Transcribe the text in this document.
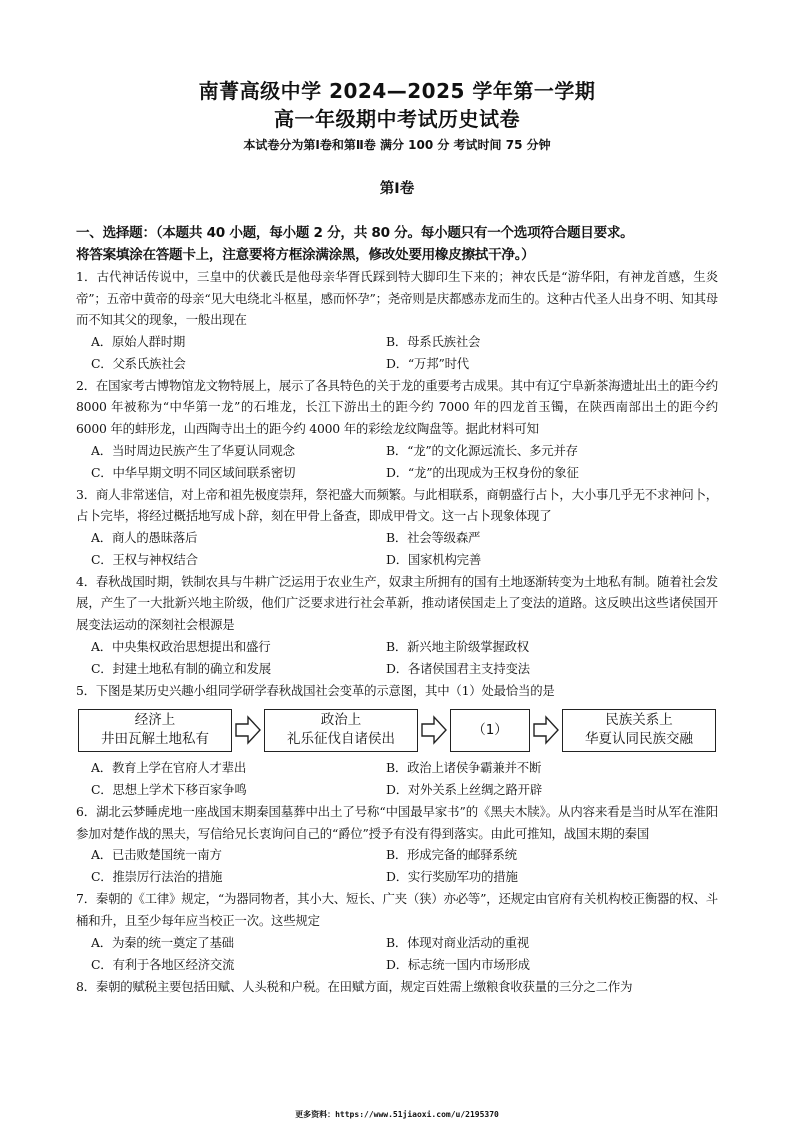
南菁高级中学 2024—2025 学年第一学期
高一年级期中考试历史试卷
本试卷分为第Ⅰ卷和第Ⅱ卷 满分 100 分 考试时间 75 分钟
第Ⅰ卷
一、选择题：（本题共 40 小题，每小题 2 分，共 80 分。每小题只有一个选项符合题目要求。
将答案填涂在答题卡上，注意要将方框涂满涂黑，修改处要用橡皮擦拭干净。）
1．古代神话传说中，三皇中的伏羲氏是他母亲华胥氏踩到特大脚印生下来的；神农氏是“游华阳，有神龙首感，生炎帝”；五帝中黄帝的母亲“见大电绕北斗枢星，感而怀孕”；尧帝则是庆都感赤龙而生的。这种古代圣人出身不明、知其母而不知其父的现象，一般出现在
A．原始人群时期	B．母系氏族社会
C．父系氏族社会	D．“万邦”时代
2．在国家考古博物馆龙文物特展上，展示了各具特色的关于龙的重要考古成果。其中有辽宁阜新茶海遗址出土的距今约 8000 年被称为“中华第一龙”的石堆龙，长江下游出土的距今约 7000 年的四龙首玉镯，在陕西南部出土的距今约 6000 年的蚌形龙，山西陶寺出土的距今约 4000 年的彩绘龙纹陶盘等。据此材料可知
A．当时周边民族产生了华夏认同观念	B．“龙”的文化源远流长、多元并存
C．中华早期文明不同区域间联系密切	D．“龙”的出现成为王权身份的象征
3．商人非常迷信，对上帝和祖先极度崇拜，祭祀盛大而频繁。与此相联系，商朝盛行占卜，大小事几乎无不求神问卜，占卜完毕，将经过概括地写成卜辞，刻在甲骨上备查，即成甲骨文。这一占卜现象体现了
A．商人的愚昧落后	B．社会等级森严
C．王权与神权结合	D．国家机构完善
4．春秋战国时期，铁制农具与牛耕广泛运用于农业生产，奴隶主所拥有的国有土地逐渐转变为土地私有制。随着社会发展，产生了一大批新兴地主阶级，他们广泛要求进行社会革新，推动诸侯国走上了变法的道路。这反映出这些诸侯国开展变法运动的深刻社会根源是
A．中央集权政治思想提出和盛行	B．新兴地主阶级掌握政权
C．封建土地私有制的确立和发展	D．各诸侯国君主支持变法
5．下图是某历史兴趣小组同学研学春秋战国社会变革的示意图，其中（1）处最恰当的是
经济上
井田瓦解土地私有
政治上
礼乐征伐自诸侯出
（1）
民族关系上
华夏认同民族交融
A．教育上学在官府人才辈出	B．政治上诸侯争霸兼并不断
C．思想上学术下移百家争鸣	D．对外关系上丝绸之路开辟
6．湖北云梦睡虎地一座战国末期秦国墓葬中出土了号称“中国最早家书”的《黑夫木牍》。从内容来看是当时从军在淮阳参加对楚作战的黑夫，写信给兄长衷询问自己的“爵位”授予有没有得到落实。由此可推知，战国末期的秦国
A．已击败楚国统一南方	B．形成完备的邮驿系统
C．推崇厉行法治的措施	D．实行奖励军功的措施
7．秦朝的《工律》规定，“为器同物者，其小大、短长、广夹（狭）亦必等”，还规定由官府有关机构校正衡器的权、斗桶和升，且至少每年应当校正一次。这些规定
A．为秦的统一奠定了基础	B．体现对商业活动的重视
C．有利于各地区经济交流	D．标志统一国内市场形成
8．秦朝的赋税主要包括田赋、人头税和户税。在田赋方面，规定百姓需上缴粮食收获量的三分之二作为
更多资料：https://www.51jiaoxi.com/u/2195370
